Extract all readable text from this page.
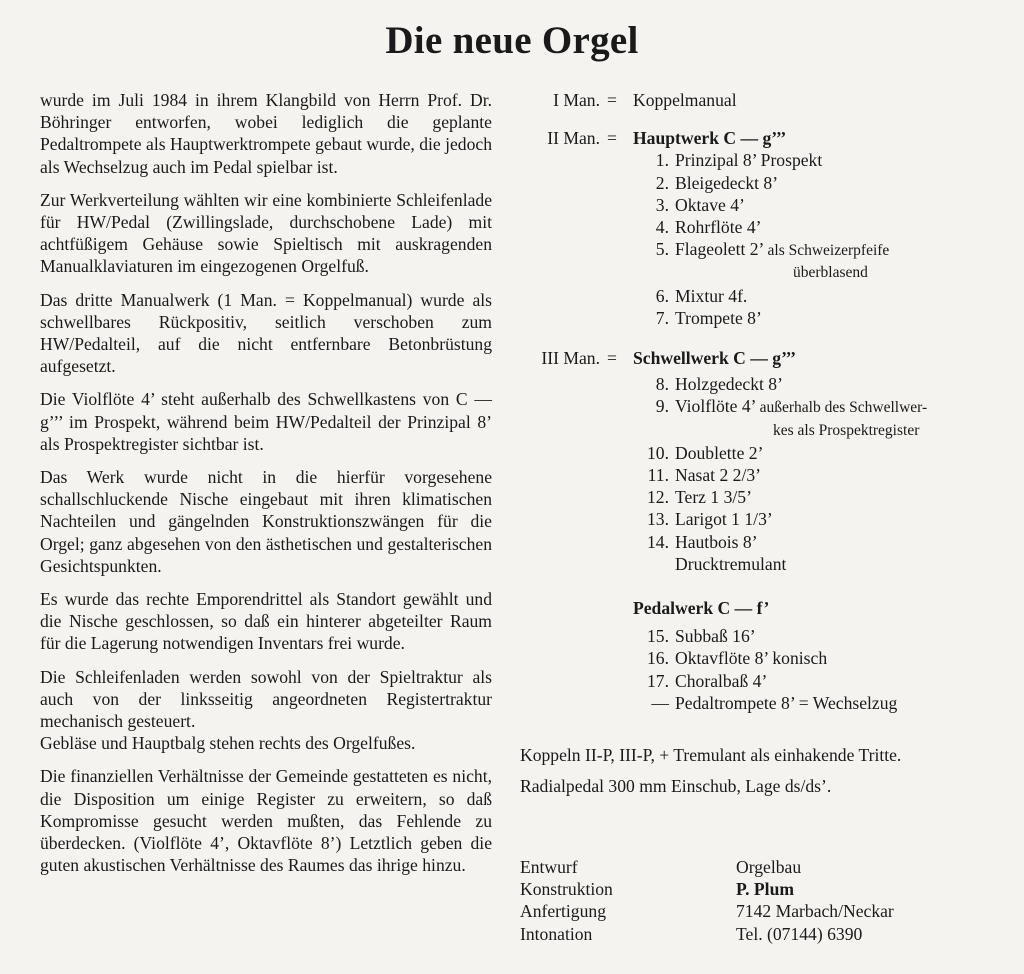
Die neue Orgel

wurde im Juli 1984 in ihrem Klangbild von Herrn Prof. Dr. Böhringer entworfen, wobei lediglich die geplante Pedaltrompete als Hauptwerktrompete gebaut wurde, die jedoch als Wechselzug auch im Pedal spielbar ist.

Zur Werkverteilung wählten wir eine kombinierte Schleifenlade für HW/Pedal (Zwillingslade, durchschobene Lade) mit achtfüßigem Gehäuse sowie Spieltisch mit auskragenden Manualklaviaturen im eingezogenen Orgelfuß.

Das dritte Manualwerk (1 Man. = Koppelmanual) wurde als schwellbares Rückpositiv, seitlich verschoben zum HW/Pedalteil, auf die nicht entfernbare Betonbrüstung aufgesetzt.

Die Violflöte 4’ steht außerhalb des Schwellkastens von C — g’’’ im Prospekt, während beim HW/Pedalteil der Prinzipal 8’ als Prospektregister sichtbar ist.

Das Werk wurde nicht in die hierfür vorgesehene schallschluckende Nische eingebaut mit ihren klimatischen Nachteilen und gängelnden Konstruktionszwängen für die Orgel; ganz abgesehen von den ästhetischen und gestalterischen Gesichtspunkten.

Es wurde das rechte Emporendrittel als Standort gewählt und die Nische geschlossen, so daß ein hinterer abgeteilter Raum für die Lagerung notwendigen Inventars frei wurde.

Die Schleifenladen werden sowohl von der Spieltraktur als auch von der linksseitig angeordneten Registertraktur mechanisch gesteuert.

Gebläse und Hauptbalg stehen rechts des Orgelfußes.

Die finanziellen Verhältnisse der Gemeinde gestatteten es nicht, die Disposition um einige Register zu erweitern, so daß Kompromisse gesucht werden mußten, das Fehlende zu überdecken. (Violflöte 4’, Oktavflöte 8’) Letztlich geben die guten akustischen Verhältnisse des Raumes das ihrige hinzu.

I Man. = Koppelmanual
II Man. = Hauptwerk C — g’’’
1. Prinzipal 8’ Prospekt
2. Bleigedeckt 8’
3. Oktave 4’
4. Rohrflöte 4’
5. Flageolett 2’ als Schweizerpfeife
überblasend
6. Mixtur 4f.
7. Trompete 8’
III Man. = Schwellwerk C — g’’’
8. Holzgedeckt 8’
9. Violflöte 4’ außerhalb des Schwellwer-
kes als Prospektregister
10. Doublette 2’
11. Nasat 2 2/3’
12. Terz 1 3/5’
13. Larigot 1 1/3’
14. Hautbois 8’
Drucktremulant
Pedalwerk C — f’
15. Subbaß 16’
16. Oktavflöte 8’ konisch
17. Choralbaß 4’
— Pedaltrompete 8’ = Wechselzug
Koppeln II-P, III-P, + Tremulant als einhakende Tritte.
Radialpedal 300 mm Einschub, Lage ds/ds’.
Entwurf
Konstruktion
Anfertigung
Intonation
Orgelbau
P. Plum
7142 Marbach/Neckar
Tel. (07144) 6390
